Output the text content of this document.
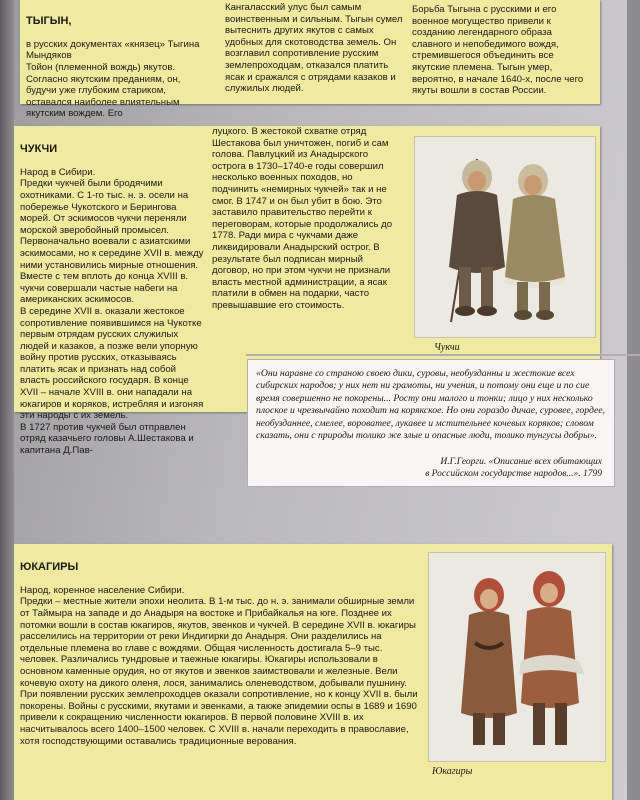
ТЫГЫН,

в русских документах «князец» Тыгина Мындяков
Тойон (племенной вождь) якутов. Согласно якутским преданиям, он, будучи уже глубоким стариком, оставался наиболее влиятельным якутским вождем. Его

Кангаласский улус был самым воинственным и сильным. Тыгын сумел вытеснить других якутов с самых удобных для скотоводства земель. Он возглавил сопротивление русским землепроходцам, отказался платить ясак и сражался с отрядами казаков и служилых людей.
Борьба Тыгына с русскими и его военное могущество привели к созданию легендарного образа славного и непобедимого вождя, стремившегося объединить все якутские племена. Тыгын умер, вероятно, в начале 1640-х, после чего якуты вошли в состав России.

ЧУКЧИ

Народ в Сибири.
Предки чукчей были бродячими охотниками. С 1-го тыс. н. э. осели на побережье Чукотского и Берингова морей. От эскимосов чукчи переняли морской зверобойный промысел. Первоначально воевали с азиатскими эскимосами, но к середине XVII в. между ними установились мирные отношения. Вместе с тем вплоть до конца XVIII в. чукчи совершали частые набеги на американских эскимосов.
В середине XVII в. оказали жестокое сопротивление появившимся на Чукотке первым отрядам русских служилых людей и казаков, а позже вели упорную войну против русских, отказываясь платить ясак и признать над собой власть российского государя. В конце XVII – начале XVIII в. они нападали на юкагиров и коряков, истребляя и изгоняя эти народы с их земель.
В 1727 против чукчей был отправлен отряд казачьего головы А.Шестакова и капитана Д.Пав-

луцкого. В жестокой схватке отряд Шестакова был уничтожен, погиб и сам голова. Павлуцкий из Анадырского острога в 1730–1740-е годы совершил несколько военных походов, но подчинить «немирных чукчей» так и не смог. В 1747 и он был убит в бою. Это заставило правительство перейти к переговорам, которые продолжались до 1778. Ради мира с чукчами даже ликвидировали Анадырский острог. В результате был подписан мирный договор, но при этом чукчи не признали власть местной администрации, а ясак платили в обмен на подарки, часто превышавшие его стоимость.
Чукчи
«Они наравне со страною своею дики, суровы, необузданны и жестокие всех сибирских народов; у них нет ни грамоты, ни учения, и потому они еще и по сие время совершенно не покорены... Росту они малого и тонки; лицо у них несколько плоское и чрезвычайно походит на корякское. Но они гораздо дичае, суровее, гордее, необузданнее, смелее, вороватее, лукавее и мстительнее кочевых коряков; словом сказать, они с природы толико же злые и опасные люди, толико тунгусы добры».
И.Г.Георги. «Описание всех обитающих
в Российском государстве народов...». 1799

ЮКАГИРЫ

Народ, коренное население Сибири.
Предки – местные жители эпохи неолита. В 1-м тыс. до н. э. занимали обширные земли от Таймыра на западе и до Анадыря на востоке и Прибайкалья на юге. Позднее их потомки вошли в состав юкагиров, якутов, эвенков и чукчей. В середине XVII в. юкагиры расселились на территории от реки Индигирки до Анадыря. Они разделились на отдельные племена во главе с вождями. Общая численность достигала 5–9 тыс. человек. Различались тундровые и таежные юкагиры. Юкагиры использовали в основном каменные орудия, но от якутов и эвенков заимствовали и железные. Вели кочевую охоту на дикого оленя, лося, занимались оленеводством, добывали пушнину. При появлении русских землепроходцев оказали сопротивление, но к концу XVII в. были покорены. Войны с русскими, якутами и эвенками, а также эпидемии оспы в 1689 и 1690 привели к сокращению численности юкагиров. В первой половине XVIII в. их насчитывалось всего 1400–1500 человек. С XVIII в. начали переходить в православие, хотя господствующими оставались традиционные верования.

Юкагиры
